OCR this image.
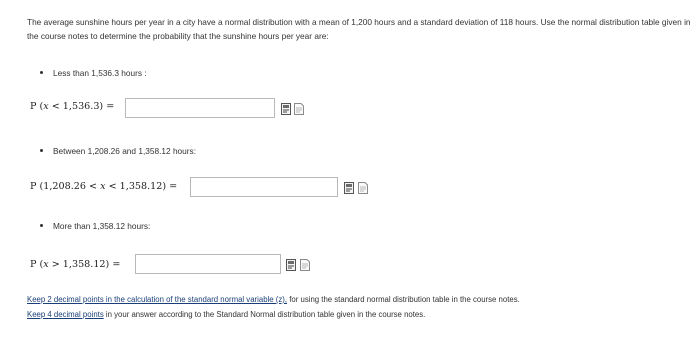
The average sunshine hours per year in a city have a normal distribution with a mean of 1,200 hours and a standard deviation of 118 hours. Use the normal distribution table given in the course notes to determine the probability that the sunshine hours per year are:
Less than 1,536.3 hours :
P (x < 1,536.3) =
Between 1,208.26 and 1,358.12 hours:
P (1,208.26 < x < 1,358.12) =
More than 1,358.12 hours:
P (x > 1,358.12) =
Keep 2 decimal points in the calculation of the standard normal variable (z), for using the standard normal distribution table in the course notes.
Keep 4 decimal points in your answer according to the Standard Normal distribution table given in the course notes.
